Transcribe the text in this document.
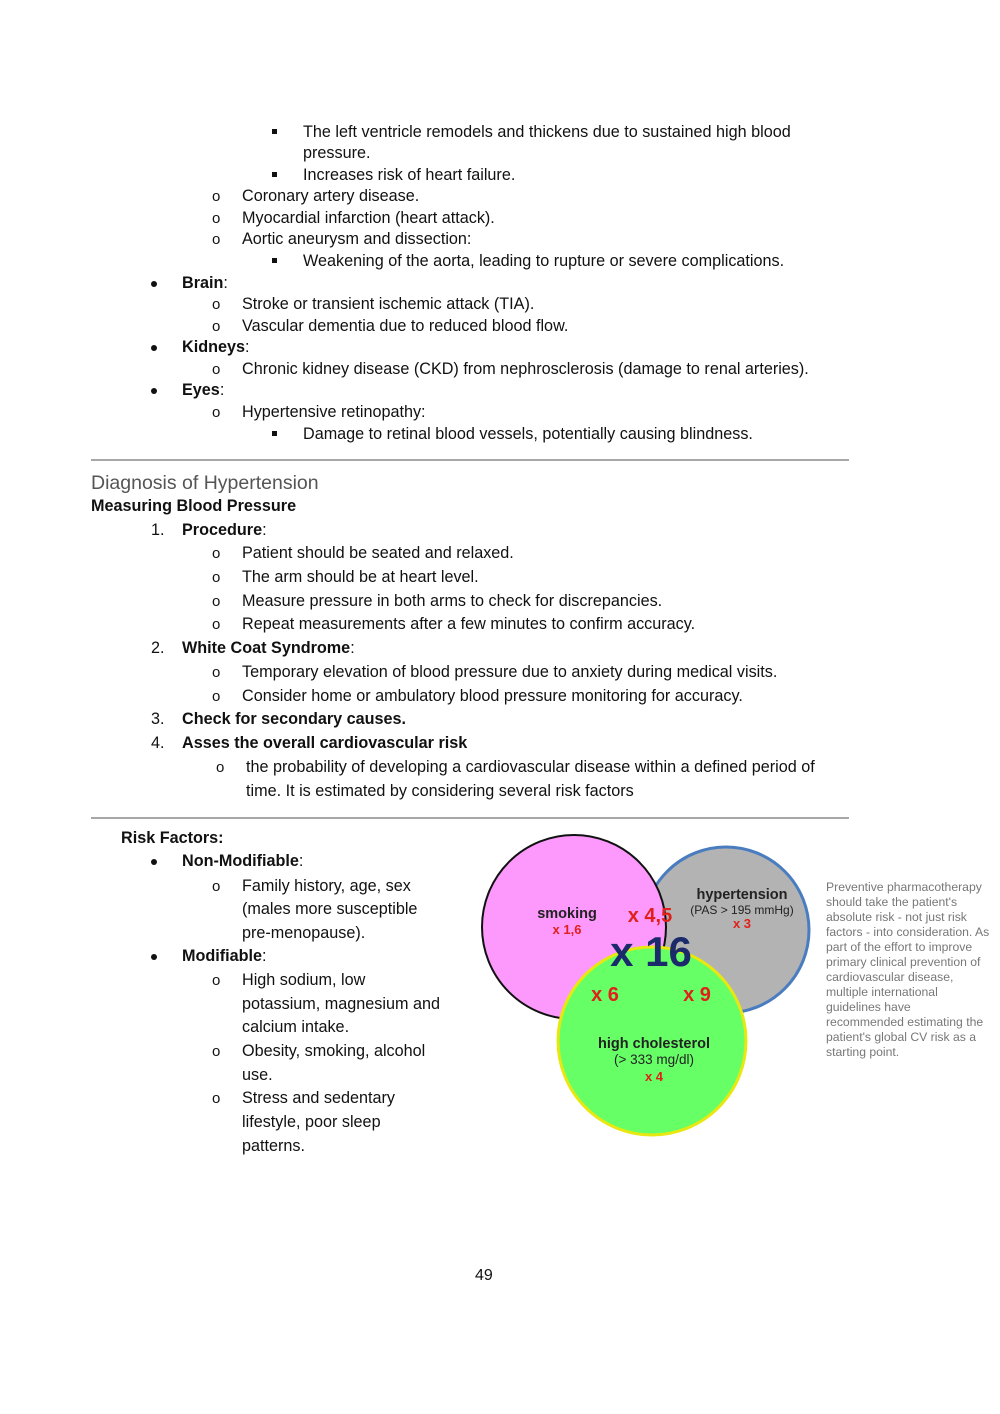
The left ventricle remodels and thickens due to sustained high blood
pressure.
Increases risk of heart failure.
o Coronary artery disease.
o Myocardial infarction (heart attack).
o Aortic aneurysm and dissection:
Weakening of the aorta, leading to rupture or severe complications.
Brain:
o Stroke or transient ischemic attack (TIA).
o Vascular dementia due to reduced blood flow.
Kidneys:
o Chronic kidney disease (CKD) from nephrosclerosis (damage to renal arteries).
Eyes:
o Hypertensive retinopathy:
Damage to retinal blood vessels, potentially causing blindness.
Diagnosis of Hypertension
Measuring Blood Pressure
1. Procedure:
o Patient should be seated and relaxed.
o The arm should be at heart level.
o Measure pressure in both arms to check for discrepancies.
o Repeat measurements after a few minutes to confirm accuracy.
2. White Coat Syndrome:
o Temporary elevation of blood pressure due to anxiety during medical visits.
o Consider home or ambulatory blood pressure monitoring for accuracy.
3. Check for secondary causes.
4. Asses the overall cardiovascular risk
o the probability of developing a cardiovascular disease within a defined period of
time. It is estimated by considering several risk factors
Risk Factors:
Non-Modifiable:
o Family history, age, sex
(males more susceptible
pre-menopause).
Modifiable:
o High sodium, low
potassium, magnesium and
calcium intake.
o Obesity, smoking, alcohol
use.
o Stress and sedentary
lifestyle, poor sleep
patterns.
smoking
x 1,6
hypertension
(PAS > 195 mmHg)
x 3
x 4,5
x 16
x 6	x 9
high cholesterol
(> 333 mg/dl)
x 4
Preventive pharmacotherapy should take the patient's absolute risk - not just risk factors - into consideration. As part of the effort to improve primary clinical prevention of cardiovascular disease, multiple international guidelines have recommended estimating the patient's global CV risk as a starting point.
49
